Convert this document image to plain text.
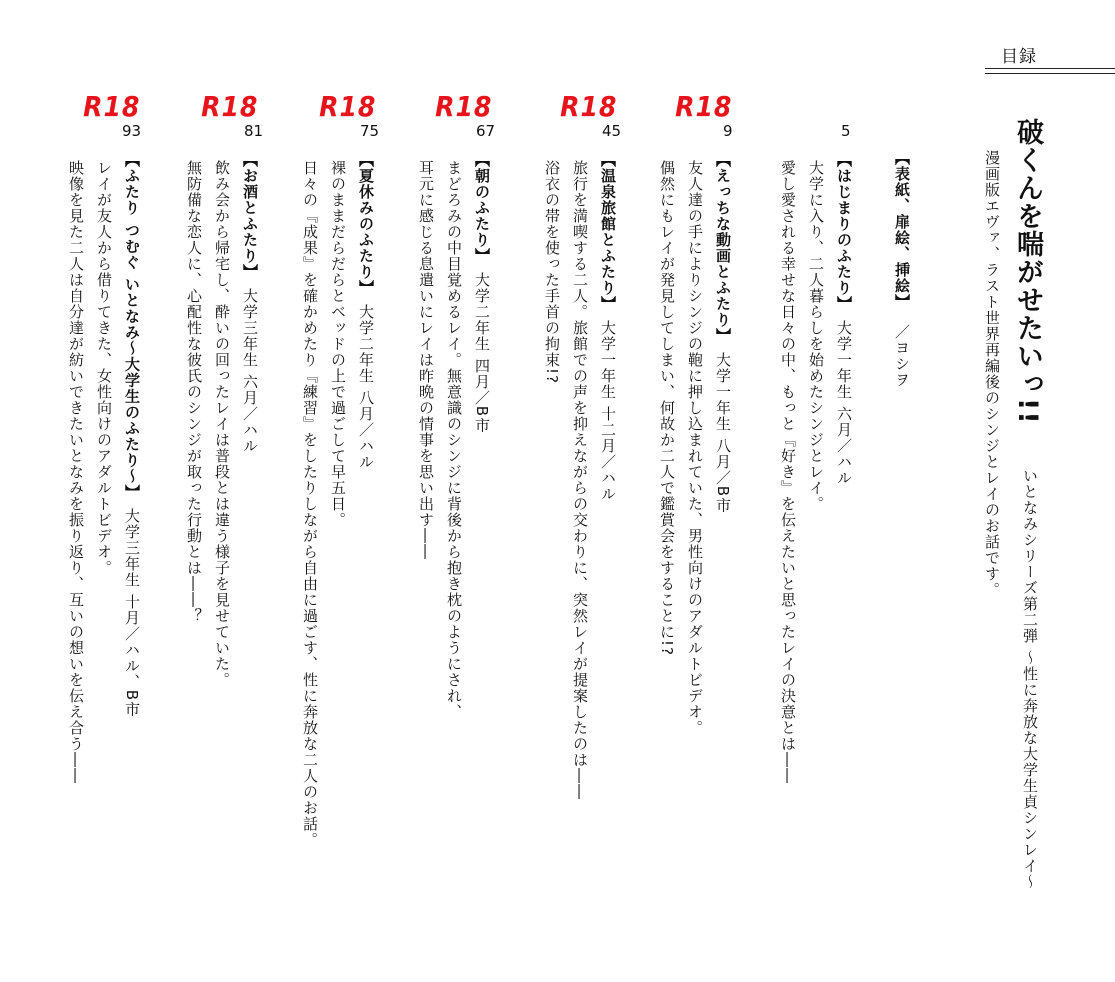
目録
破くんを喘がせたいっ!!
いとなみシリーズ第二弾 ～性に奔放な大学生貞シンレイ～
漫画版エヴァ、ラスト世界再編後のシンジとレイのお話です。
【表紙、扉絵、挿絵】／ヨシヲ
5
【はじまりのふたり】大学一年生 六月／ハル
大学に入り、二人暮らしを始めたシンジとレイ。
愛し愛される幸せな日々の中、もっと『好き』を伝えたいと思ったレイの決意とは――
R18
9
【えっちな動画とふたり】大学一年生 八月／B市
友人達の手によりシンジの鞄に押し込まれていた、男性向けのアダルトビデオ。
偶然にもレイが発見してしまい、何故か二人で鑑賞会をすることに!?
R18
45
【温泉旅館とふたり】大学一年生 十二月／ハル
旅行を満喫する二人。旅館での声を抑えながらの交わりに、突然レイが提案したのは――
浴衣の帯を使った手首の拘束!?
R18
67
【朝のふたり】大学二年生 四月／B市
まどろみの中目覚めるレイ。無意識のシンジに背後から抱き枕のようにされ、
耳元に感じる息遣いにレイは昨晩の情事を思い出す――
R18
75
【夏休みのふたり】大学二年生 八月／ハル
裸のままだらだらとベッドの上で過ごして早五日。
日々の『成果』を確かめたり『練習』をしたりしながら自由に過ごす、性に奔放な二人のお話。
R18
81
【お酒とふたり】大学三年生 六月／ハル
飲み会から帰宅し、酔いの回ったレイは普段とは違う様子を見せていた。
無防備な恋人に、心配性な彼氏のシンジが取った行動とは――？
R18
93
【ふたり つむぐ いとなみ～大学生のふたり～】大学三年生 十月／ハル、B市
レイが友人から借りてきた、女性向けのアダルトビデオ。
映像を見た二人は自分達が紡いできたいとなみを振り返り、互いの想いを伝え合う――
